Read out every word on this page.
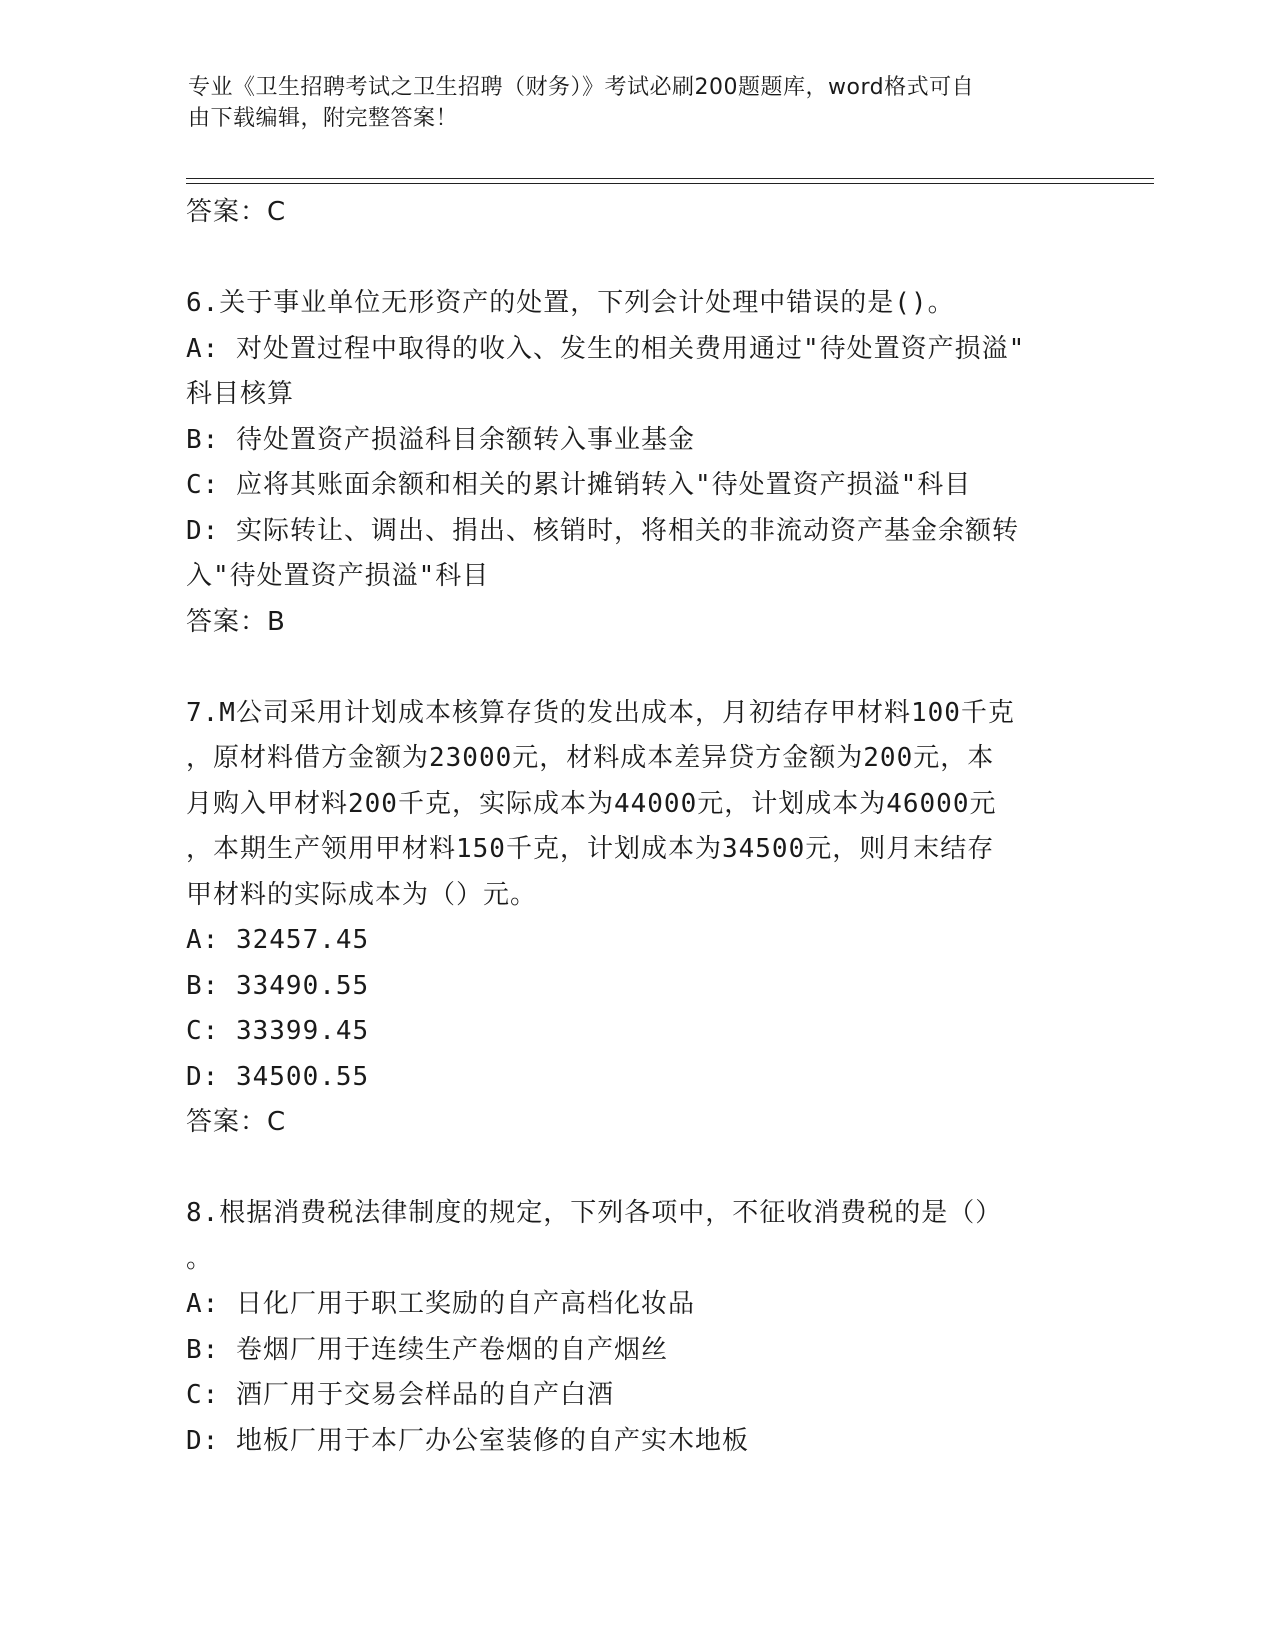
专业《卫生招聘考试之卫生招聘（财务）》考试必刷200题题库，word格式可自
由下载编辑，附完整答案！
答案：C
6.关于事业单位无形资产的处置，下列会计处理中错误的是()。
A: 对处置过程中取得的收入、发生的相关费用通过"待处置资产损溢"
科目核算
B: 待处置资产损溢科目余额转入事业基金
C: 应将其账面余额和相关的累计摊销转入"待处置资产损溢"科目
D: 实际转让、调出、捐出、核销时，将相关的非流动资产基金余额转
入"待处置资产损溢"科目
答案：B
7.M公司采用计划成本核算存货的发出成本，月初结存甲材料100千克
，原材料借方金额为23000元，材料成本差异贷方金额为200元，本
月购入甲材料200千克，实际成本为44000元，计划成本为46000元
，本期生产领用甲材料150千克，计划成本为34500元，则月末结存
甲材料的实际成本为（）元。
A: 32457.45
B: 33490.55
C: 33399.45
D: 34500.55
答案：C
8.根据消费税法律制度的规定，下列各项中，不征收消费税的是（）
。
A: 日化厂用于职工奖励的自产高档化妆品
B: 卷烟厂用于连续生产卷烟的自产烟丝
C: 酒厂用于交易会样品的自产白酒
D: 地板厂用于本厂办公室装修的自产实木地板
